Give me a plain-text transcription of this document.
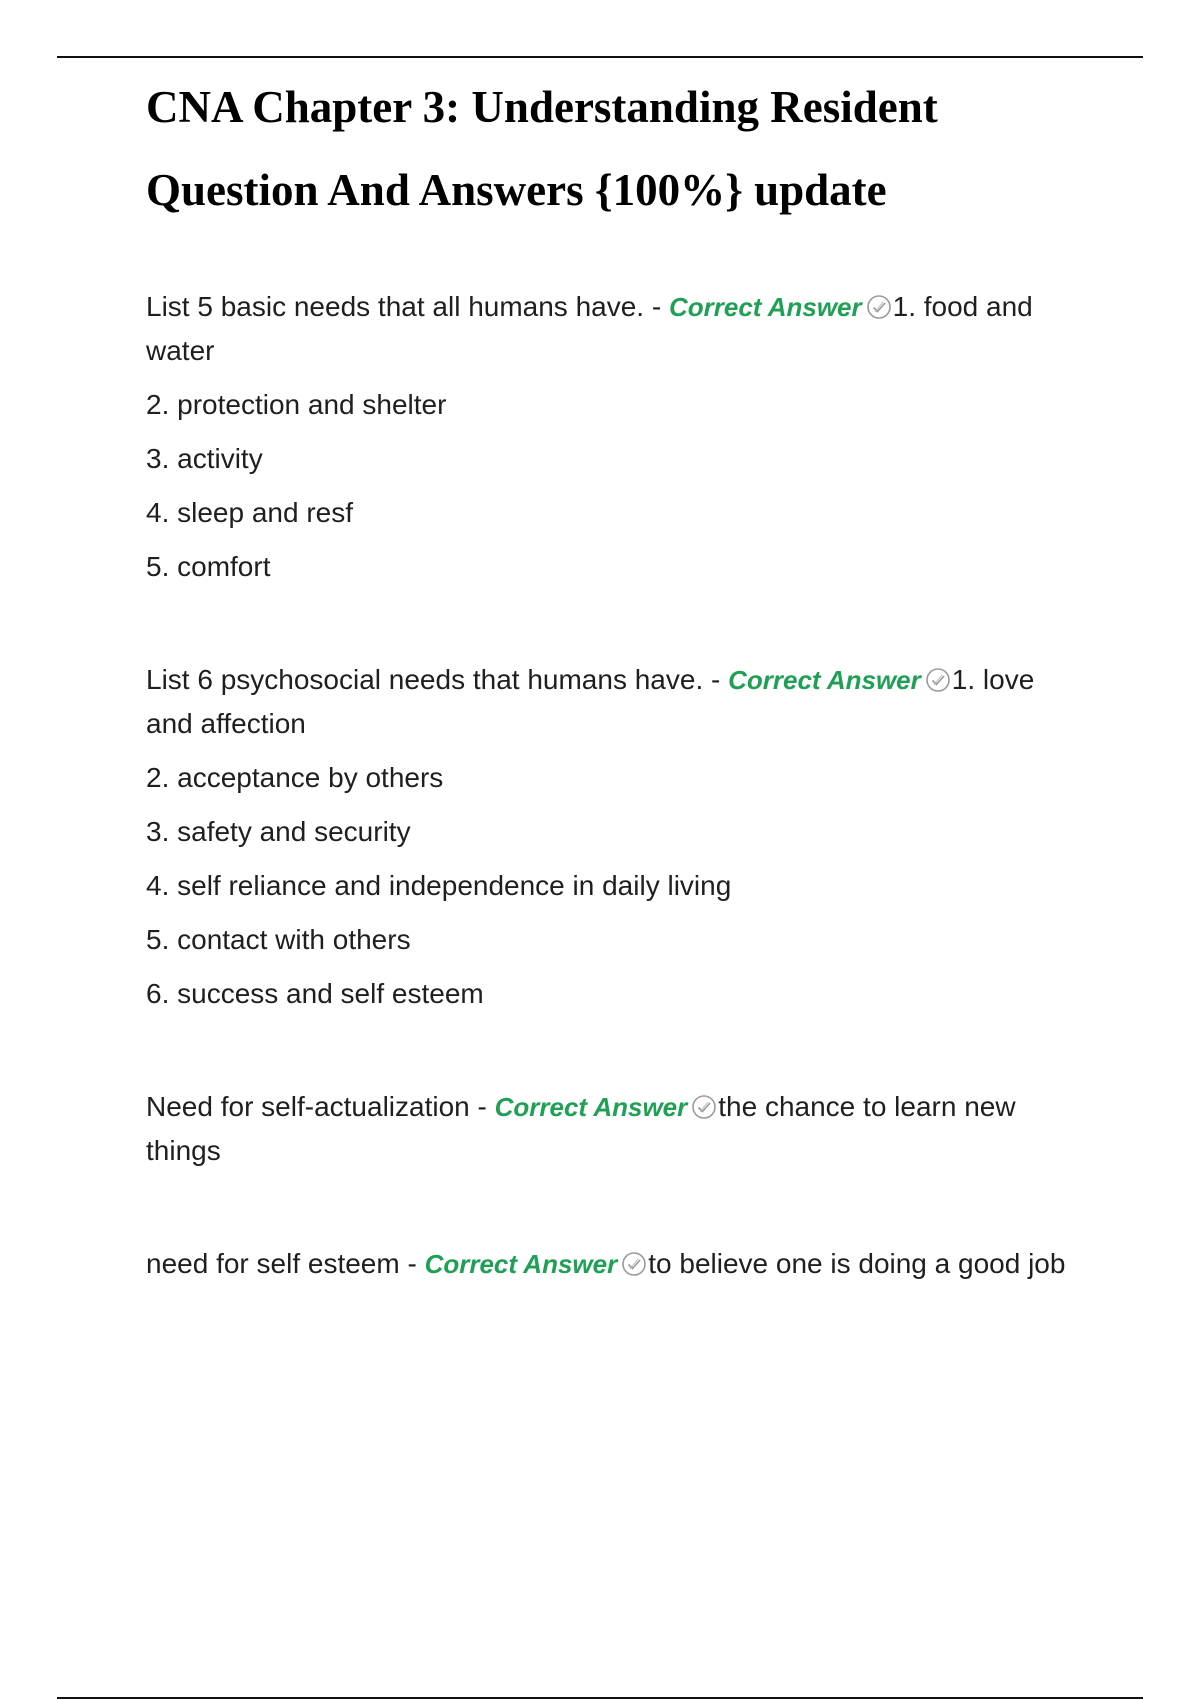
CNA Chapter 3: Understanding Resident
Question And Answers {100%} update

List 5 basic needs that all humans have. - Correct Answer 1. food and water

2. protection and shelter

3. activity

4. sleep and resf

5. comfort

List 6 psychosocial needs that humans have. - Correct Answer 1. love and affection

2. acceptance by others

3. safety and security

4. self reliance and independence in daily living

5. contact with others

6. success and self esteem

Need for self-actualization - Correct Answer the chance to learn new things

need for self esteem - Correct Answer to believe one is doing a good job
